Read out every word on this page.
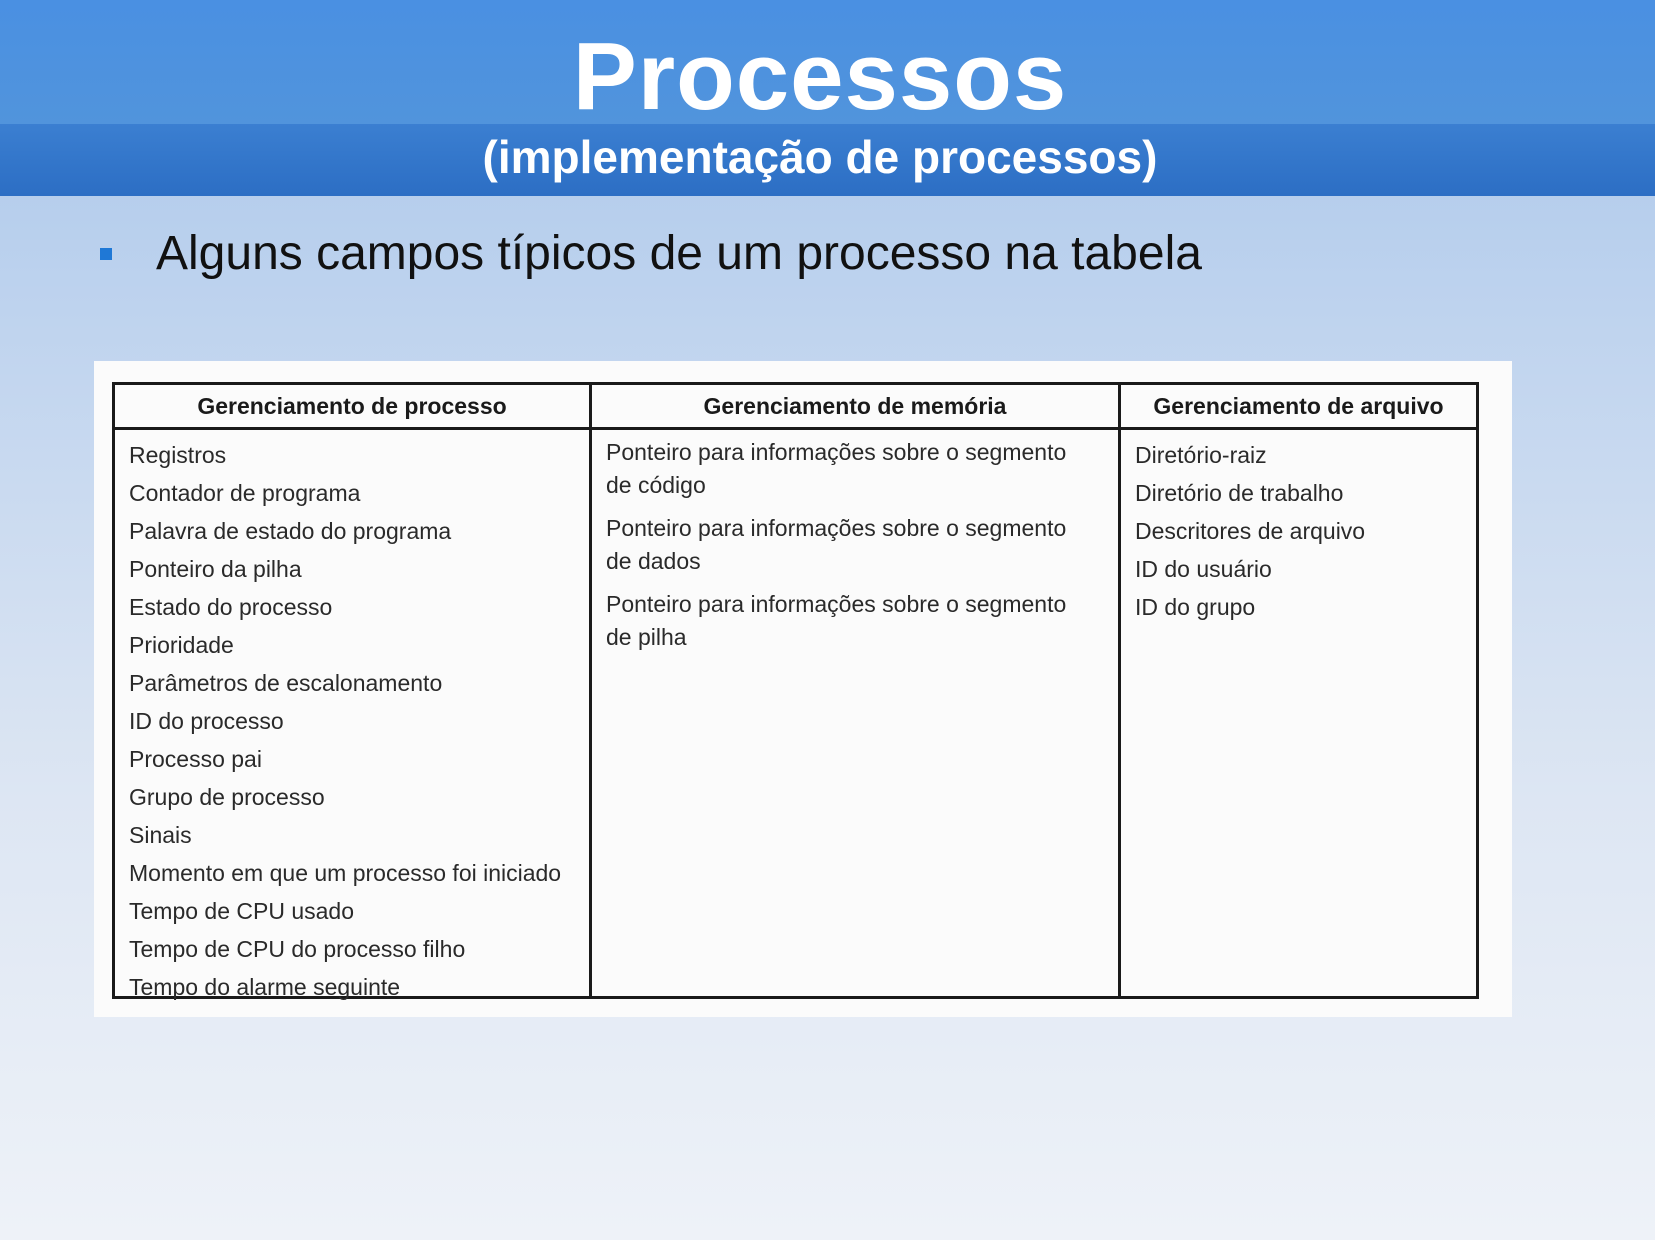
Processos
(implementação de processos)
Alguns campos típicos de um processo na tabela
Gerenciamento de processo
Registros
Contador de programa
Palavra de estado do programa
Ponteiro da pilha
Estado do processo
Prioridade
Parâmetros de escalonamento
ID do processo
Processo pai
Grupo de processo
Sinais
Momento em que um processo foi iniciado
Tempo de CPU usado
Tempo de CPU do processo filho
Tempo do alarme seguinte
Gerenciamento de memória
Ponteiro para informações sobre o segmento
de código
Ponteiro para informações sobre o segmento
de dados
Ponteiro para informações sobre o segmento
de pilha
Gerenciamento de arquivo
Diretório-raiz
Diretório de trabalho
Descritores de arquivo
ID do usuário
ID do grupo
